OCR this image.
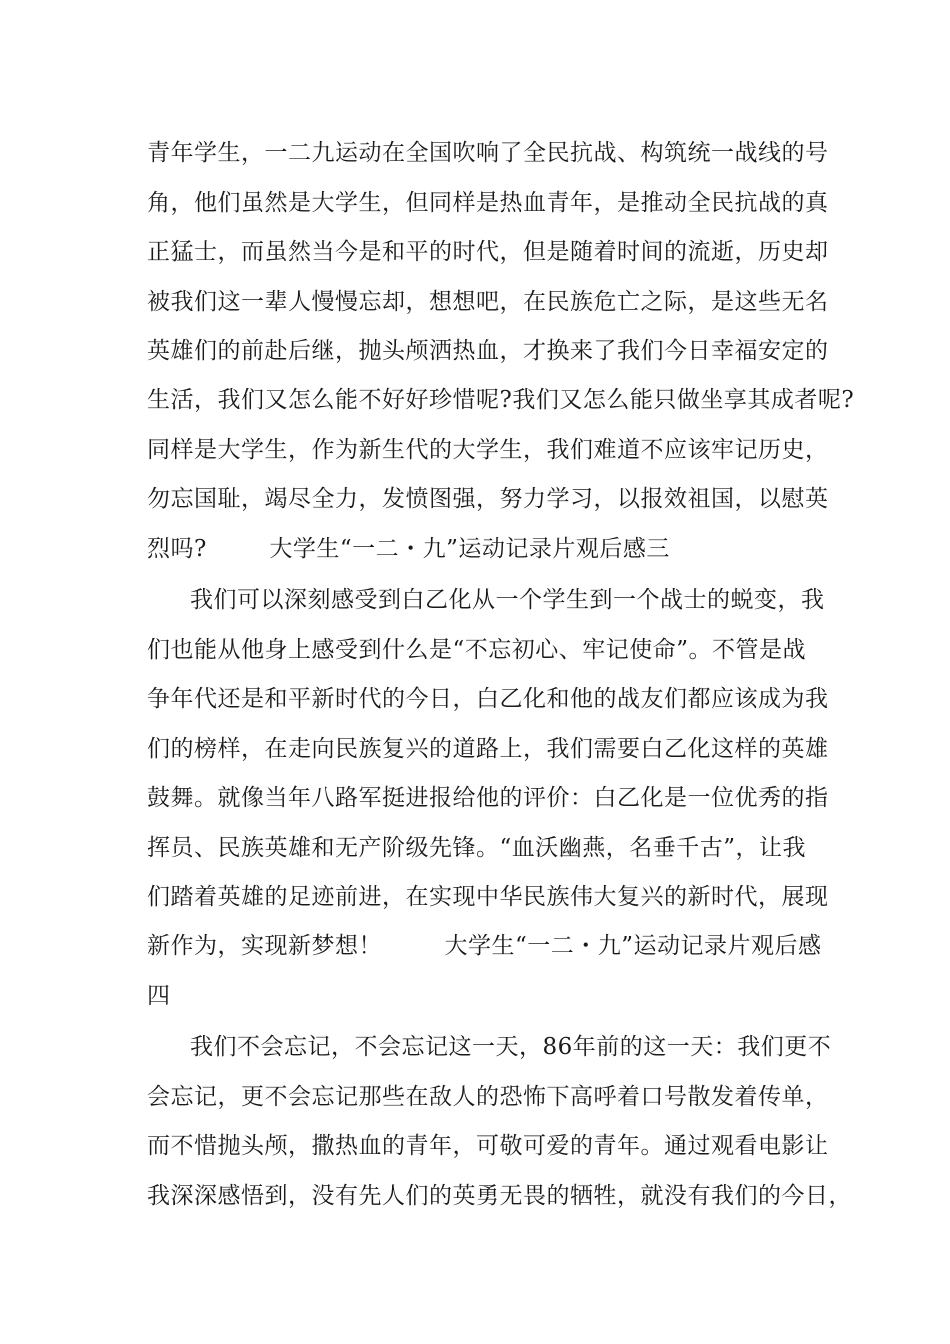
青年学生，一二九运动在全国吹响了全民抗战、构筑统一战线的号

角，他们虽然是大学生，但同样是热血青年，是推动全民抗战的真

正猛士，而虽然当今是和平的时代，但是随着时间的流逝，历史却

被我们这一辈人慢慢忘却，想想吧，在民族危亡之际，是这些无名

英雄们的前赴后继，抛头颅洒热血，才换来了我们今日幸福安定的

生活，我们又怎么能不好好珍惜呢?我们又怎么能只做坐享其成者呢?

同样是大学生，作为新生代的大学生，我们难道不应该牢记历史，

勿忘国耻，竭尽全力，发愤图强，努力学习，以报效祖国，以慰英

烈吗?        大学生“一二・九”运动记录片观后感三

我们可以深刻感受到白乙化从一个学生到一个战士的蜕变，我

们也能从他身上感受到什么是“不忘初心、牢记使命”。不管是战

争年代还是和平新时代的今日，白乙化和他的战友们都应该成为我

们的榜样，在走向民族复兴的道路上，我们需要白乙化这样的英雄

鼓舞。就像当年八路军挺进报给他的评价：白乙化是一位优秀的指

挥员、民族英雄和无产阶级先锋。“血沃幽燕，名垂千古”，让我

们踏着英雄的足迹前进，在实现中华民族伟大复兴的新时代，展现

新作为，实现新梦想！        大学生“一二・九”运动记录片观后感

四

我们不会忘记，不会忘记这一天，86年前的这一天：我们更不

会忘记，更不会忘记那些在敌人的恐怖下高呼着口号散发着传单，

而不惜抛头颅，撒热血的青年，可敬可爱的青年。通过观看电影让

我深深感悟到，没有先人们的英勇无畏的牺牲，就没有我们的今日，
